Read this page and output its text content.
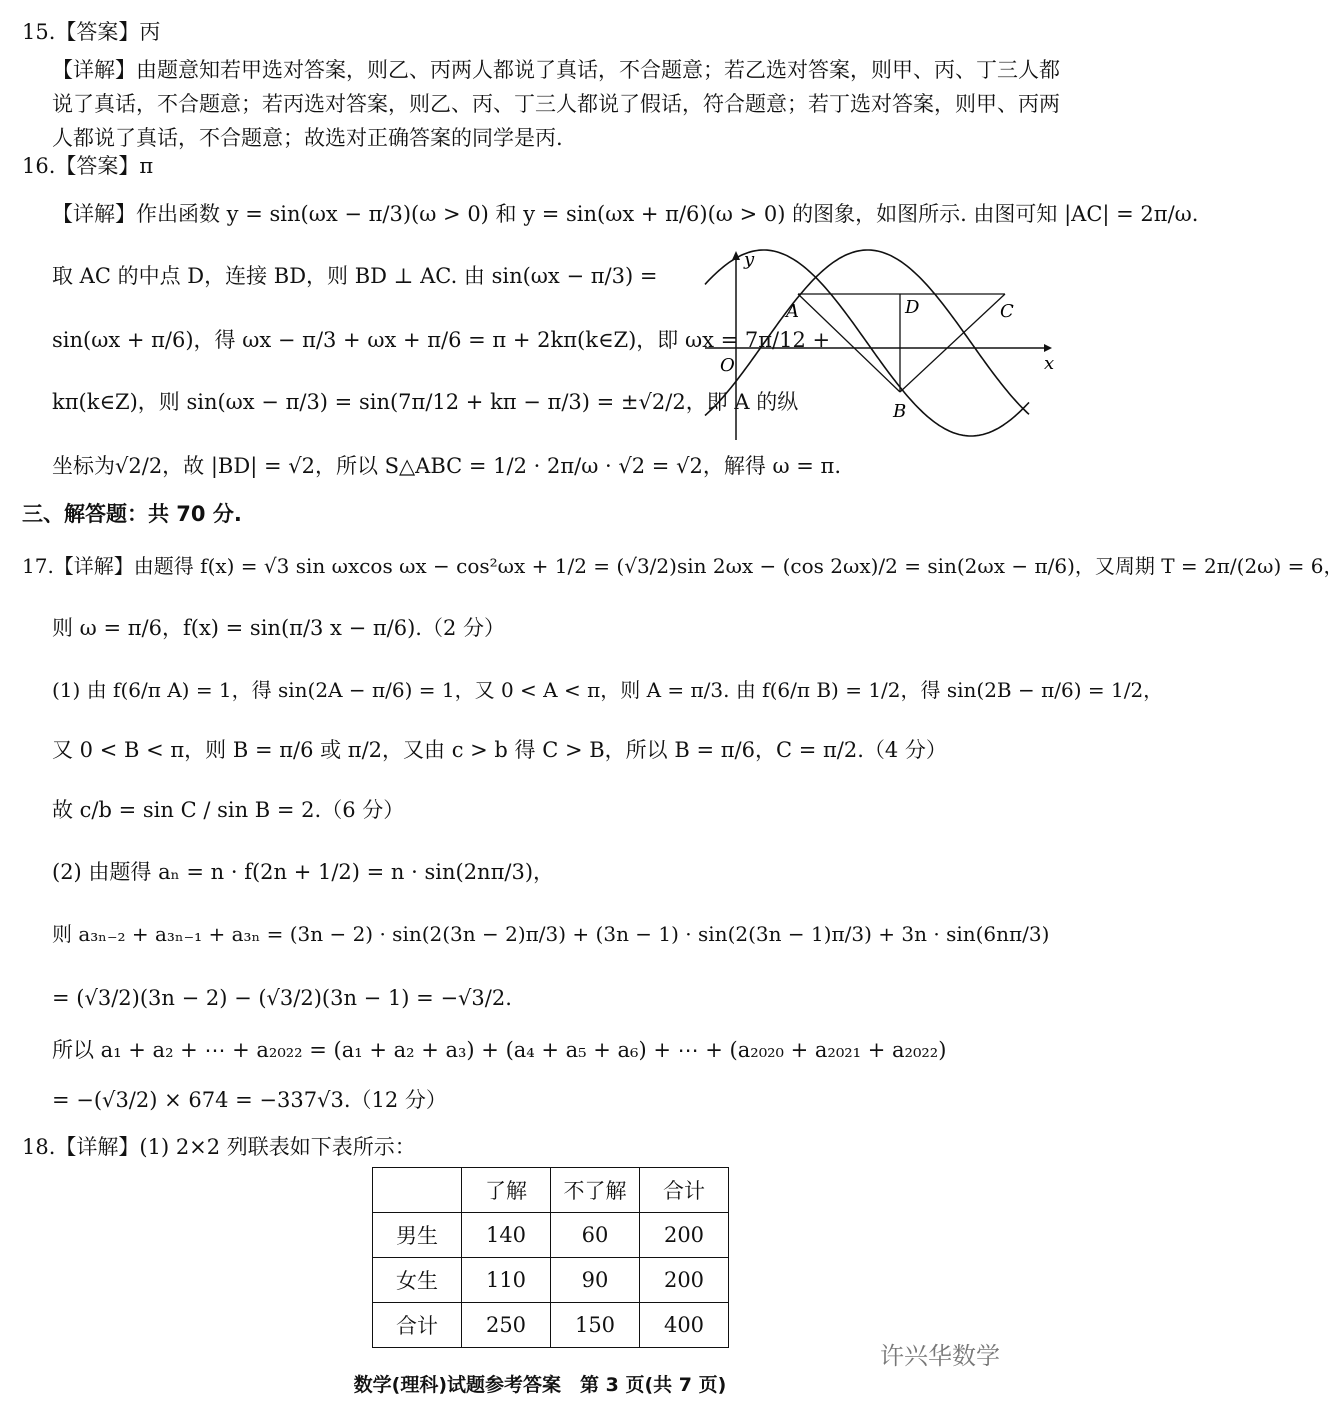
15.【答案】丙
【详解】由题意知若甲选对答案，则乙、丙两人都说了真话，不合题意；若乙选对答案，则甲、丙、丁三人都说了真话，不合题意；若丙选对答案，则乙、丙、丁三人都说了假话，符合题意；若丁选对答案，则甲、丙两人都说了真话，不合题意；故选对正确答案的同学是丙.
16.【答案】π
【详解】作出函数 y = sin(ωx − π/3)(ω > 0) 和 y = sin(ωx + π/6)(ω > 0) 的图象，如图所示. 由图可知 |AC| = 2π/ω.
取 AC 的中点 D，连接 BD，则 BD ⊥ AC. 由 sin(ωx − π/3) =
sin(ωx + π/6)，得 ωx − π/3 + ωx + π/6 = π + 2kπ(k∈Z)，即 ωx = 7π/12 +
kπ(k∈Z)，则 sin(ωx − π/3) = sin(7π/12 + kπ − π/3) = ±√2/2，即 A 的纵
坐标为√2/2，故 |BD| = √2，所以 S△ABC = 1/2 · 2π/ω · √2 = √2，解得 ω = π.
y
x
O
A
B
C
D
三、解答题：共 70 分.
17.【详解】由题得 f(x) = √3 sin ωxcos ωx − cos²ωx + 1/2 = (√3/2)sin 2ωx − (cos 2ωx)/2 = sin(2ωx − π/6)，又周期 T = 2π/(2ω) = 6，
则 ω = π/6，f(x) = sin(π/3 x − π/6).（2 分）
(1) 由 f(6/π A) = 1，得 sin(2A − π/6) = 1，又 0 < A < π，则 A = π/3. 由 f(6/π B) = 1/2，得 sin(2B − π/6) = 1/2，
又 0 < B < π，则 B = π/6 或 π/2，又由 c > b 得 C > B，所以 B = π/6，C = π/2.（4 分）
故 c/b = sin C / sin B = 2.（6 分）
(2) 由题得 aₙ = n · f(2n + 1/2) = n · sin(2nπ/3)，
则 a₃ₙ₋₂ + a₃ₙ₋₁ + a₃ₙ = (3n − 2) · sin(2(3n − 2)π/3) + (3n − 1) · sin(2(3n − 1)π/3) + 3n · sin(6nπ/3)
= (√3/2)(3n − 2) − (√3/2)(3n − 1) = −√3/2.
所以 a₁ + a₂ + ⋯ + a₂₀₂₂ = (a₁ + a₂ + a₃) + (a₄ + a₅ + a₆) + ⋯ + (a₂₀₂₀ + a₂₀₂₁ + a₂₀₂₂)
= −(√3/2) × 674 = −337√3.（12 分）
18.【详解】(1) 2×2 列联表如下表所示：
	了解	不了解	合计
男生	140	60	200
女生	110	90	200
合计	250	150	400
许兴华数学
数学(理科)试题参考答案　第 3 页(共 7 页)
